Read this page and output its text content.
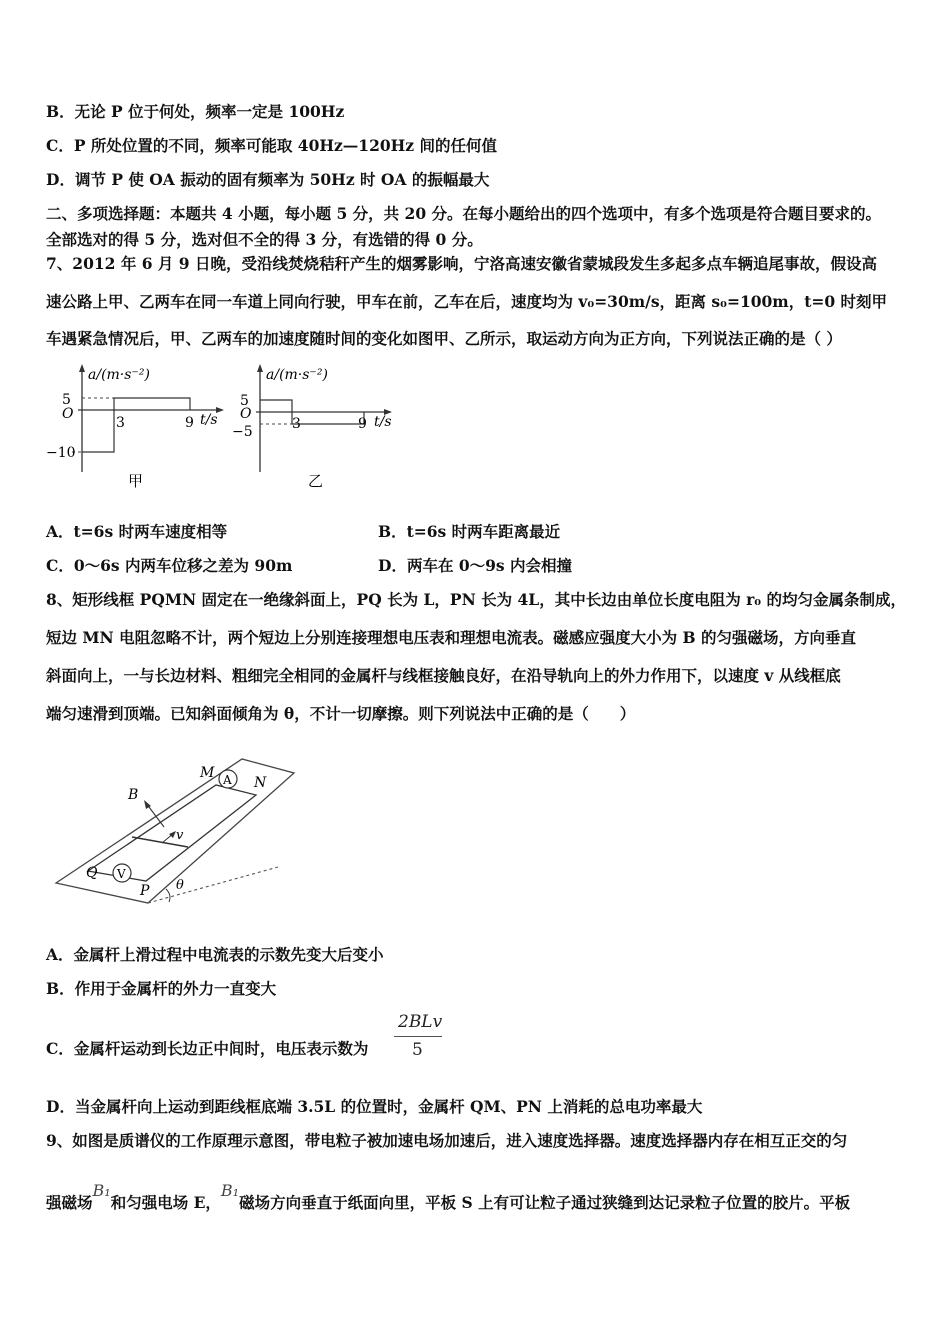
B．无论 P 位于何处，频率一定是 100Hz
C．P 所处位置的不同，频率可能取 40Hz—120Hz 间的任何值
D．调节 P 使 OA 振动的固有频率为 50Hz 时 OA 的振幅最大
二、多项选择题：本题共 4 小题，每小题 5 分，共 20 分。在每小题给出的四个选项中，有多个选项是符合题目要求的。
全部选对的得 5 分，选对但不全的得 3 分，有选错的得 0 分。
7、2012 年 6 月 9 日晚，受沿线焚烧秸秆产生的烟雾影响，宁洛高速安徽省蒙城段发生多起多点车辆追尾事故，假设高
速公路上甲、乙两车在同一车道上同向行驶，甲车在前，乙车在后，速度均为 v₀=30m/s，距离 s₀=100m，t=0 时刻甲
车遇紧急情况后，甲、乙两车的加速度随时间的变化如图甲、乙所示，取运动方向为正方向，下列说法正确的是（ ）
a/(m·s⁻²)
5
O
−10
3	9 t/s
甲
a/(m·s⁻²)
5
O
−5	3	9 t/s
乙
A．t=6s 时两车速度相等	B．t=6s 时两车距离最近
C．0～6s 内两车位移之差为 90m	D．两车在 0～9s 内会相撞
8、矩形线框 PQMN 固定在一绝缘斜面上，PQ 长为 L，PN 长为 4L，其中长边由单位长度电阻为 r₀ 的均匀金属条制成，
短边 MN 电阻忽略不计，两个短边上分别连接理想电压表和理想电流表。磁感应强度大小为 B 的匀强磁场，方向垂直
斜面向上，一与长边材料、粗细完全相同的金属杆与线框接触良好，在沿导轨向上的外力作用下，以速度 v 从线框底
端匀速滑到顶端。已知斜面倾角为 θ，不计一切摩擦。则下列说法中正确的是（　　）
B
M
N
Q
P
v
θ
A
V
A．金属杆上滑过程中电流表的示数先变大后变小
B．作用于金属杆的外力一直变大
C．金属杆运动到长边正中间时，电压表示数为
2BLv
5
D．当金属杆向上运动到距线框底端 3.5L 的位置时，金属杆 QM、PN 上消耗的总电功率最大
9、如图是质谱仪的工作原理示意图，带电粒子被加速电场加速后，进入速度选择器。速度选择器内存在相互正交的匀
强磁场B₁和匀强电场 E，B₁磁场方向垂直于纸面向里，平板 S 上有可让粒子通过狭缝到达记录粒子位置的胶片。平板
